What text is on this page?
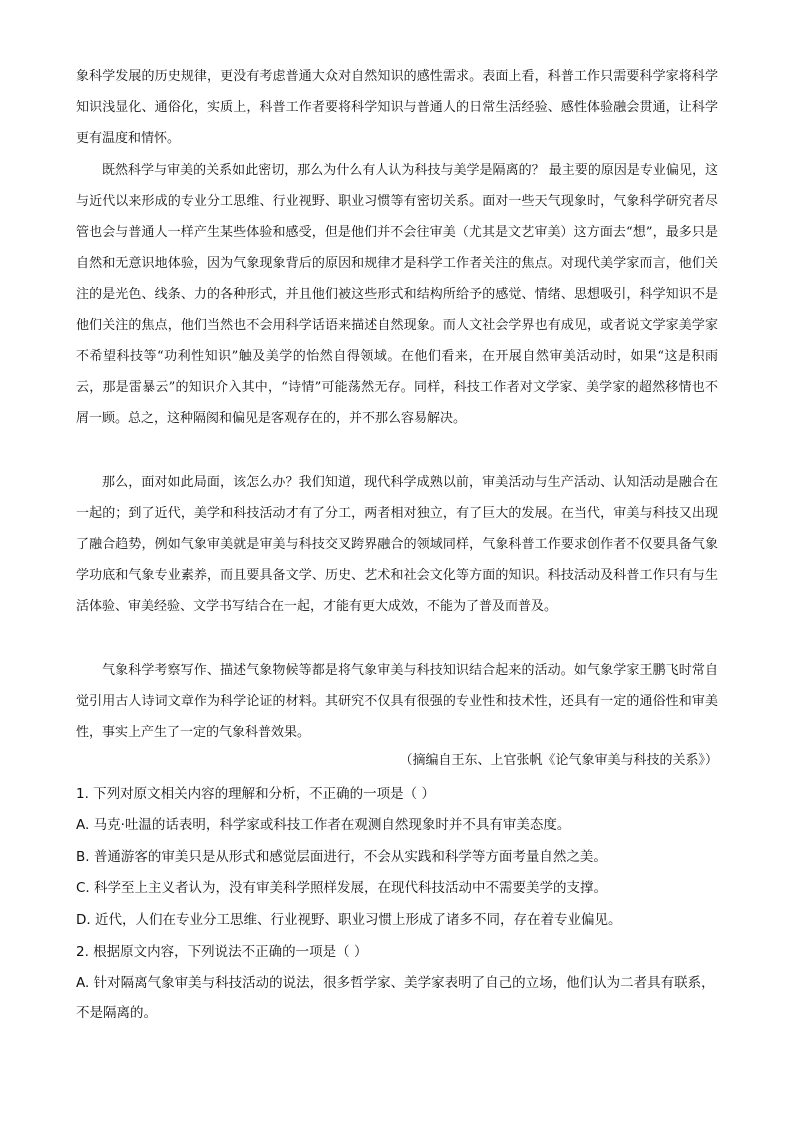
象科学发展的历史规律，更没有考虑普通大众对自然知识的感性需求。表面上看，科普工作只需要科学家将科学知识浅显化、通俗化，实质上，科普工作者要将科学知识与普通人的日常生活经验、感性体验融会贯通，让科学更有温度和情怀。

既然科学与审美的关系如此密切，那么为什么有人认为科技与美学是隔离的？ 最主要的原因是专业偏见，这与近代以来形成的专业分工思维、行业视野、职业习惯等有密切关系。面对一些天气现象时，气象科学研究者尽管也会与普通人一样产生某些体验和感受，但是他们并不会往审美（尤其是文艺审美）这方面去“想”，最多只是自然和无意识地体验，因为气象现象背后的原因和规律才是科学工作者关注的焦点。对现代美学家而言，他们关注的是光色、线条、力的各种形式，并且他们被这些形式和结构所给予的感觉、情绪、思想吸引，科学知识不是他们关注的焦点，他们当然也不会用科学话语来描述自然现象。而人文社会学界也有成见，或者说文学家美学家不希望科技等“功利性知识”触及美学的怡然自得领域。在他们看来，在开展自然审美活动时，如果“这是积雨云，那是雷暴云”的知识介入其中，“诗情”可能荡然无存。同样，科技工作者对文学家、美学家的超然移情也不屑一顾。总之，这种隔阂和偏见是客观存在的，并不那么容易解决。

那么，面对如此局面，该怎么办？我们知道，现代科学成熟以前，审美活动与生产活动、认知活动是融合在一起的；到了近代，美学和科技活动才有了分工，两者相对独立，有了巨大的发展。在当代，审美与科技又出现了融合趋势，例如气象审美就是审美与科技交叉跨界融合的领域同样，气象科普工作要求创作者不仅要具备气象学功底和气象专业素养，而且要具备文学、历史、艺术和社会文化等方面的知识。科技活动及科普工作只有与生活体验、审美经验、文学书写结合在一起，才能有更大成效，不能为了普及而普及。

气象科学考察写作、描述气象物候等都是将气象审美与科技知识结合起来的活动。如气象学家王鹏飞时常自觉引用古人诗词文章作为科学论证的材料。其研究不仅具有很强的专业性和技术性，还具有一定的通俗性和审美性，事实上产生了一定的气象科普效果。

（摘编自王东、上官张帆《论气象审美与科技的关系》）

1. 下列对原文相关内容的理解和分析，不正确的一项是（ ）

A. 马克·吐温的话表明，科学家或科技工作者在观测自然现象时并不具有审美态度。

B. 普通游客的审美只是从形式和感觉层面进行，不会从实践和科学等方面考量自然之美。

C. 科学至上主义者认为，没有审美科学照样发展，在现代科技活动中不需要美学的支撑。

D. 近代，人们在专业分工思维、行业视野、职业习惯上形成了诸多不同，存在着专业偏见。

2. 根据原文内容，下列说法不正确的一项是（ ）

A. 针对隔离气象审美与科技活动的说法，很多哲学家、美学家表明了自己的立场，他们认为二者具有联系，不是隔离的。
